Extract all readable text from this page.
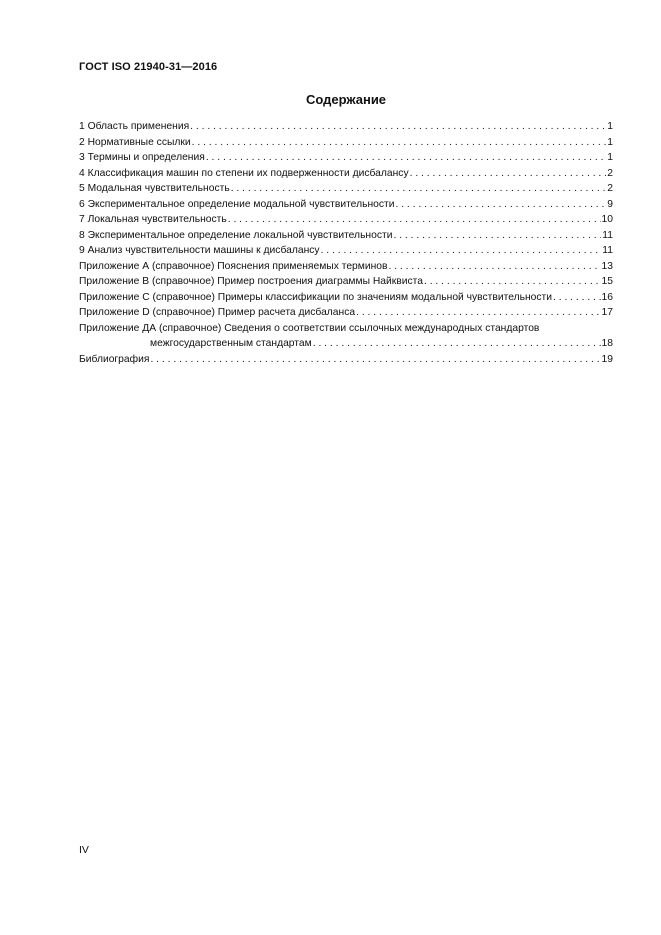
ГОСТ ISO 21940-31—2016
Содержание
1 Область применения . . .	1
2 Нормативные ссылки . . .	1
3 Термины и определения . . .	1
4 Классификация машин по степени их подверженности дисбалансу . . .	2
5 Модальная чувствительность . . .	2
6 Экспериментальное определение модальной чувствительности . . .	9
7 Локальная чувствительность . . .	10
8 Экспериментальное определение локальной чувствительности . . .	11
9 Анализ чувствительности машины к дисбалансу . . .	11
Приложение А (справочное) Пояснения применяемых терминов . . .	13
Приложение В (справочное) Пример построения диаграммы Найквиста . . .	15
Приложение С (справочное) Примеры классификации по значениям модальной чувствительности . . .	16
Приложение D (справочное) Пример расчета дисбаланса . . .	17
Приложение ДА (справочное) Сведения о соответствии ссылочных международных стандартов
межгосударственным стандартам . . .	18
Библиография . . .	19
IV
